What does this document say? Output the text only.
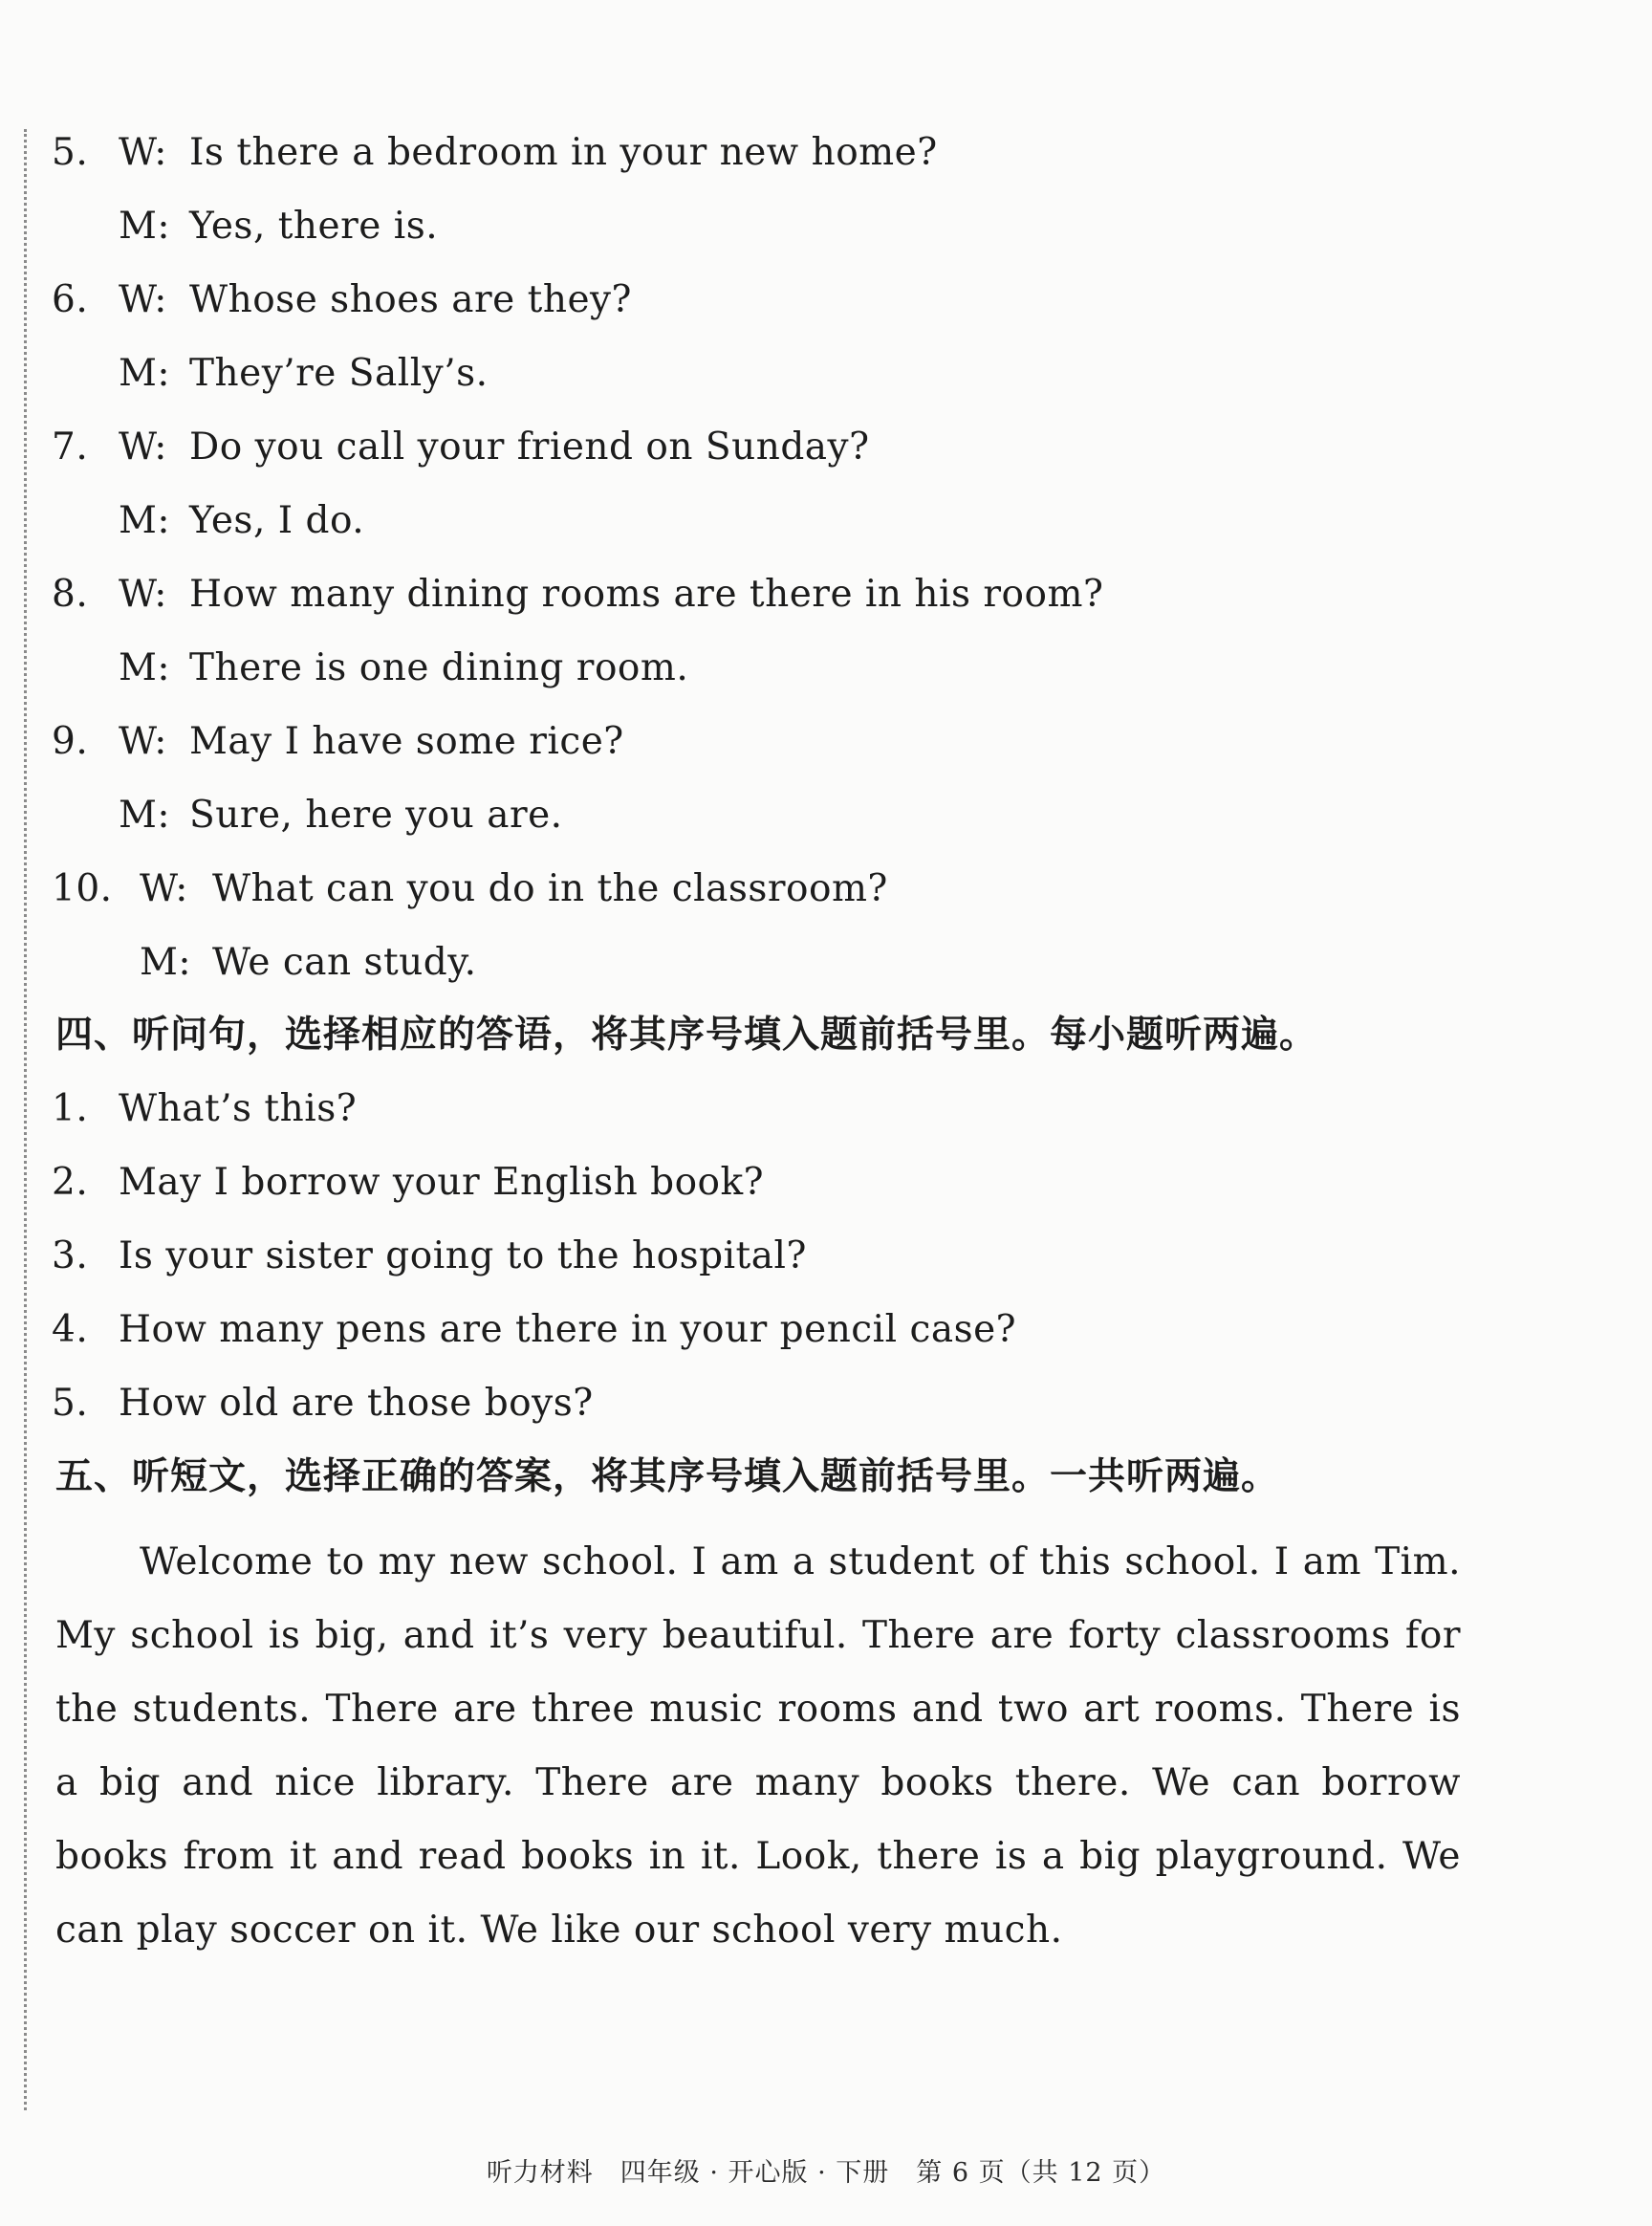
5. W: Is there a bedroom in your new home?
M: Yes, there is.
6. W: Whose shoes are they?
M: They’re Sally’s.
7. W: Do you call your friend on Sunday?
M: Yes, I do.
8. W: How many dining rooms are there in his room?
M: There is one dining room.
9. W: May I have some rice?
M: Sure, here you are.
10. W: What can you do in the classroom?
M: We can study.
四、听问句，选择相应的答语，将其序号填入题前括号里。每小题听两遍。
1. What’s this?
2. May I borrow your English book?
3. Is your sister going to the hospital?
4. How many pens are there in your pencil case?
5. How old are those boys?
五、听短文，选择正确的答案，将其序号填入题前括号里。一共听两遍。

Welcome to my new school. I am a student of this school. I am Tim. My school is big, and it’s very beautiful. There are forty classrooms for the students. There are three music rooms and two art rooms. There is a big and nice library. There are many books there. We can borrow books from it and read books in it. Look, there is a big playground. We can play soccer on it. We like our school very much.

听力材料　四年级 · 开心版 · 下册　第 6 页（共 12 页）
